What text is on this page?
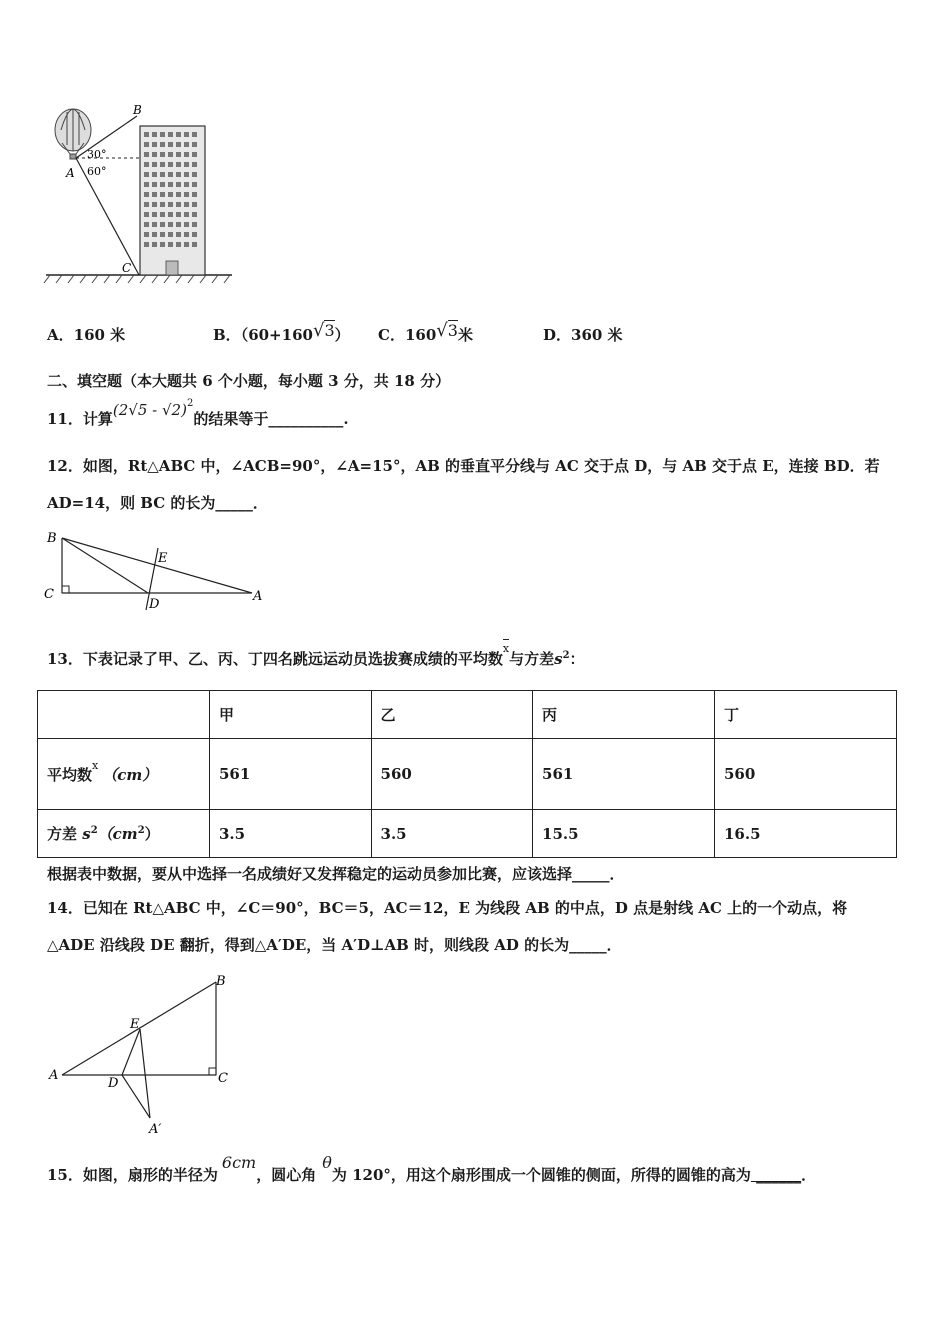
B
A
C
30°
60°
A．160 米	B．（60+160√3） C．160√3米	D．360 米
二、填空题（本大题共 6 个小题，每小题 3 分，共 18 分）
11．计算(2√5 - √2)$^2$的结果等于__________.
12．如图，Rt△ABC 中，∠ACB=90°，∠A=15°，AB 的垂直平分线与 AC 交于点 D，与 AB 交于点 E，连接 BD．若
AD=14，则 BC 的长为_____．
B
E
C
D
A
13．下表记录了甲、乙、丙、丁四名跳远运动员选拔赛成绩的平均数x与方差$s^2$：
	甲	乙	丙	丁
平均数$^x$（cm）	561	560	561	560
方差 $s^2(cm^2)$	3.5	3.5	15.5	16.5
根据表中数据，要从中选择一名成绩好又发挥稳定的运动员参加比赛，应该选择_____．
14．已知在 Rt△ABC 中，∠C＝90°，BC＝5，AC＝12，E 为线段 AB 的中点，D 点是射线 AC 上的一个动点，将
△ADE 沿线段 DE 翻折，得到△A′DE，当 A′D⊥AB 时，则线段 AD 的长为_____．
B
E
A
D	C
A′
15．如图，扇形的半径为6cm，圆心角θ为 120°，用这个扇形围成一个圆锥的侧面，所得的圆锥的高为 ______．
